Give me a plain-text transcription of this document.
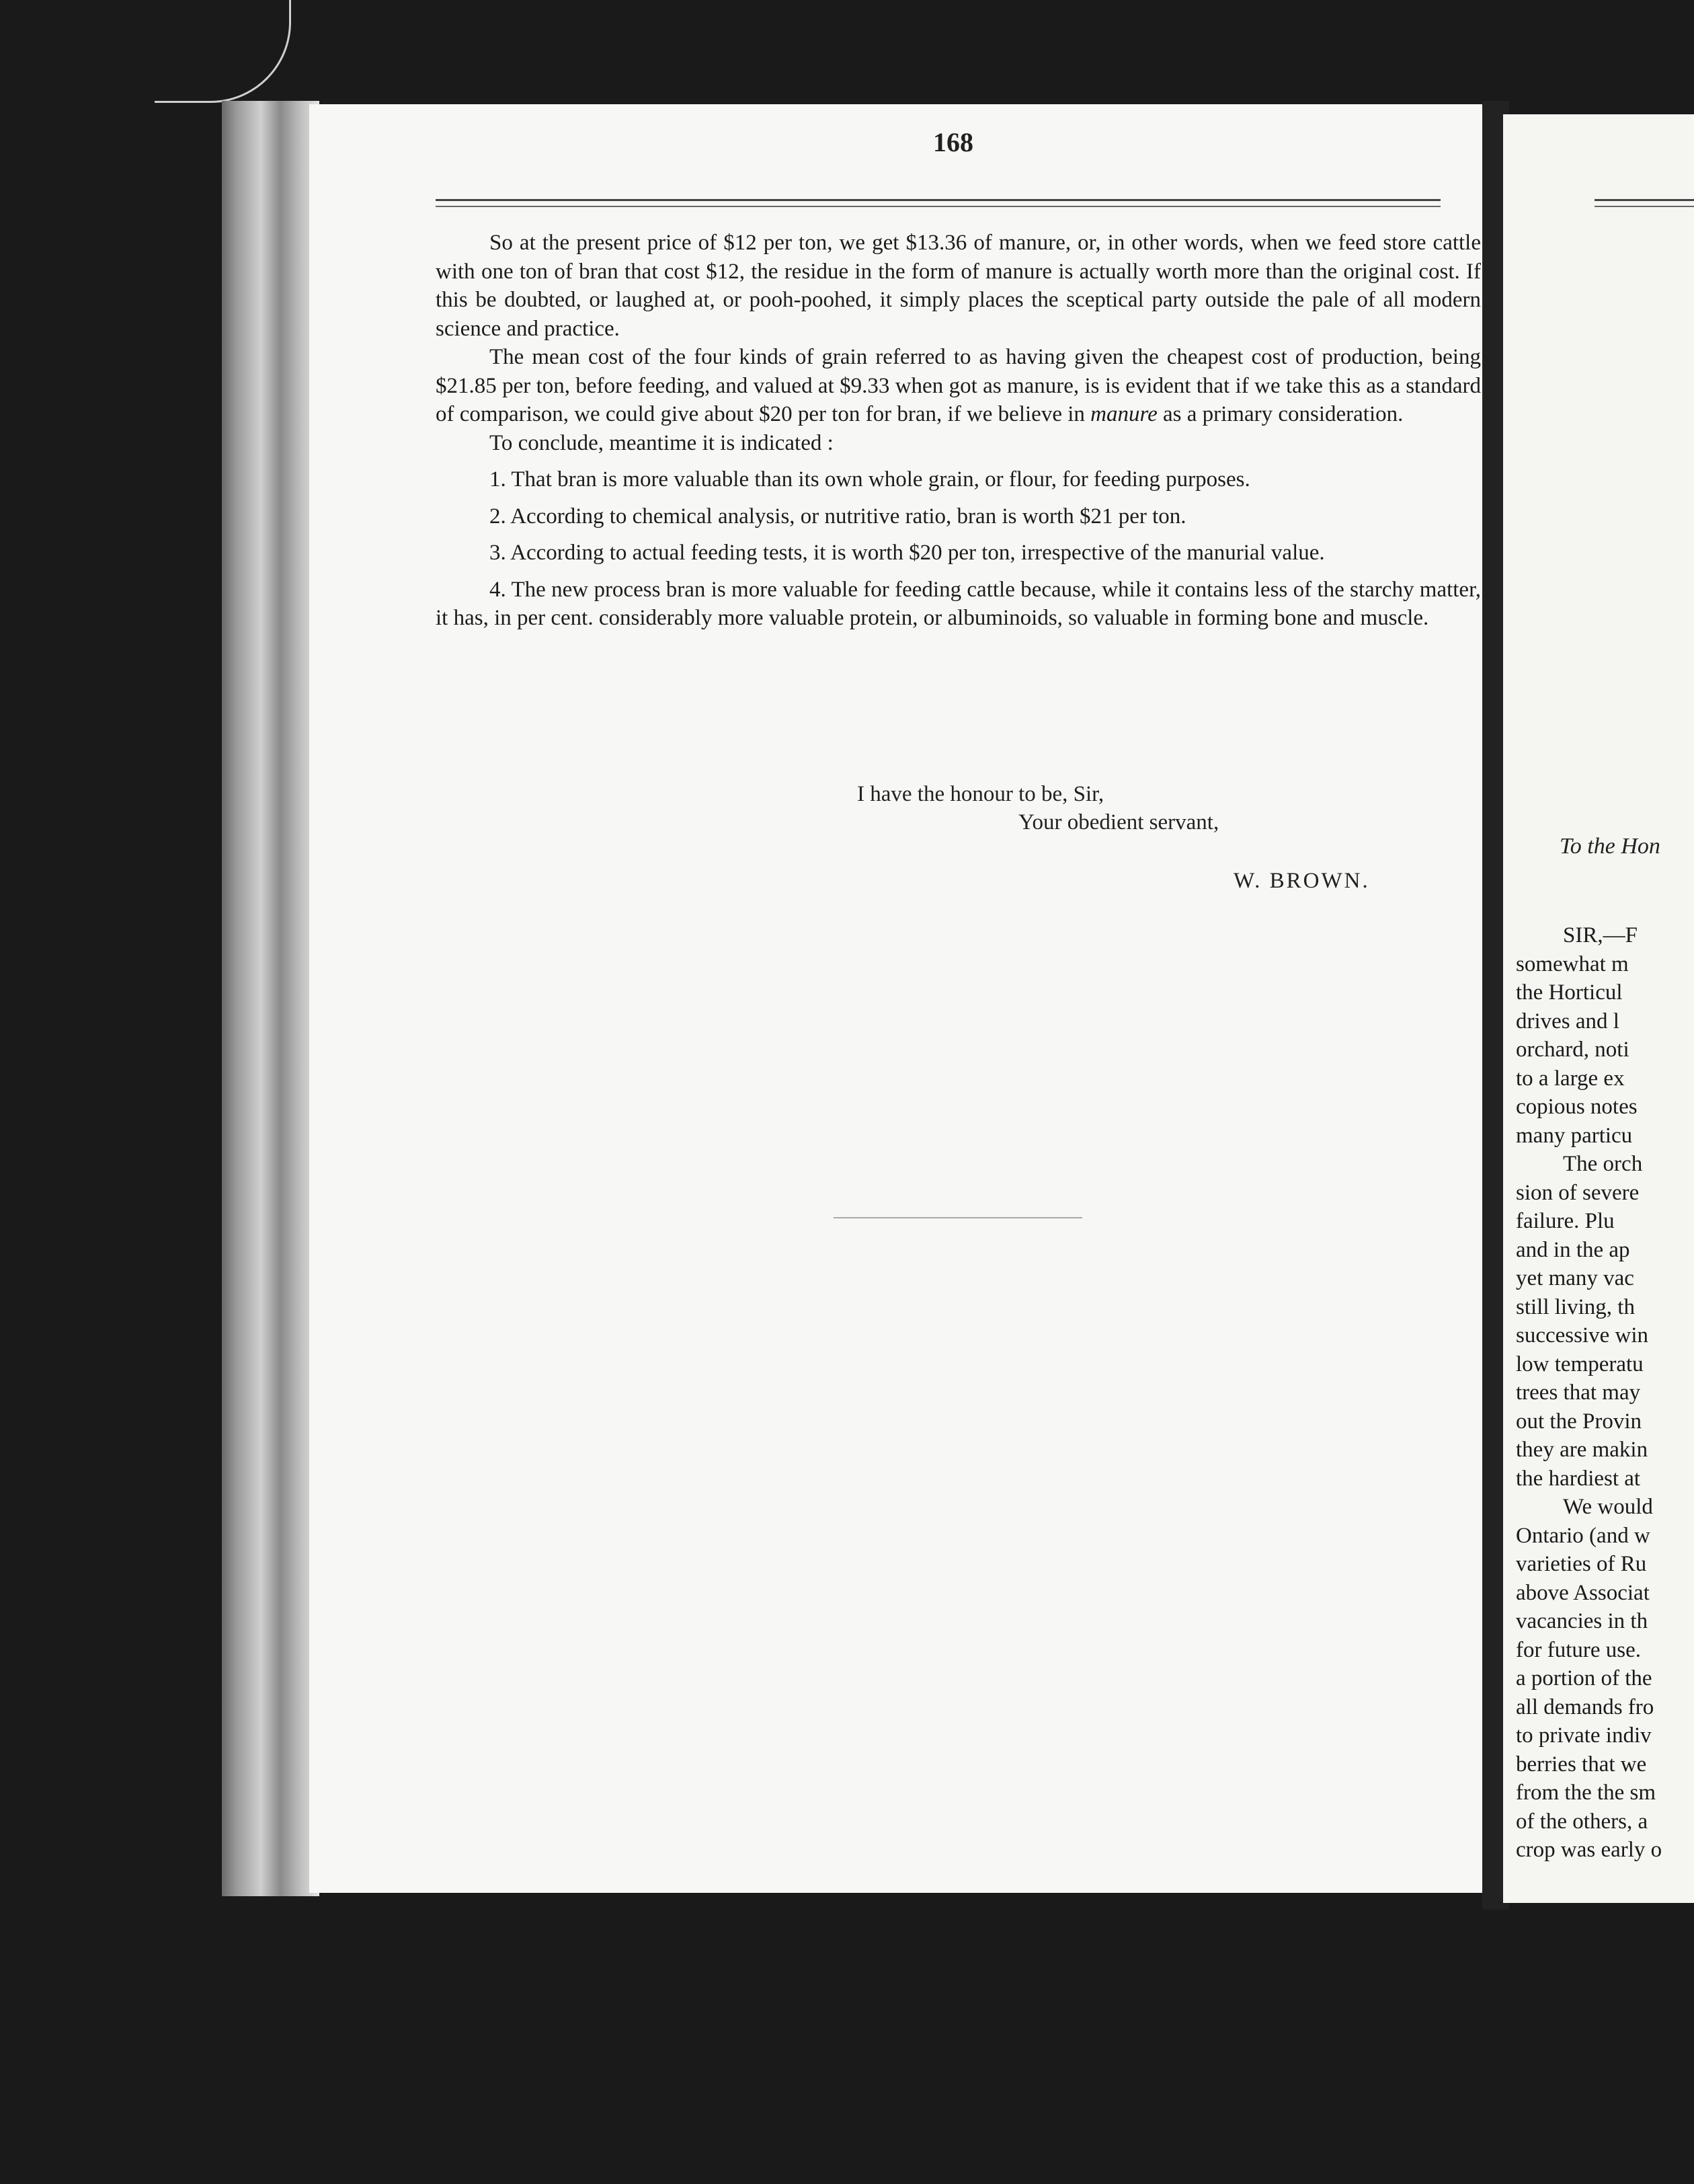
168

So at the present price of $12 per ton, we get $13.36 of manure, or, in other words, when we feed store cattle with one ton of bran that cost $12, the residue in the form of manure is actually worth more than the original cost. If this be doubted, or laughed at, or pooh-poohed, it simply places the sceptical party outside the pale of all modern science and practice.

The mean cost of the four kinds of grain referred to as having given the cheapest cost of production, being $21.85 per ton, before feeding, and valued at $9.33 when got as manure, is is evident that if we take this as a standard of comparison, we could give about $20 per ton for bran, if we believe in manure as a primary consideration.

To conclude, meantime it is indicated :

1. That bran is more valuable than its own whole grain, or flour, for feeding purposes.

2. According to chemical analysis, or nutritive ratio, bran is worth $21 per ton.

3. According to actual feeding tests, it is worth $20 per ton, irrespective of the manurial value.

4. The new process bran is more valuable for feeding cattle because, while it contains less of the starchy matter, it has, in per cent. considerably more valuable protein, or albuminoids, so valuable in forming bone and muscle.

I have the honour to be, Sir,
Your obedient servant,
W. BROWN.
To the Hon
SIR,—F
somewhat m
the Horticul
drives and l
orchard, noti
to a large ex
copious notes
many particu
The orch
sion of severe
failure. Plu
and in the ap
yet many vac
still living, th
successive win
low temperatu
trees that may
out the Provin
they are makin
the hardiest at
We would
Ontario (and w
varieties of Ru
above Associat
vacancies in th
for future use.
a portion of the
all demands fro
to private indiv
berries that we
from the the sm
of the others, a
crop was early o
